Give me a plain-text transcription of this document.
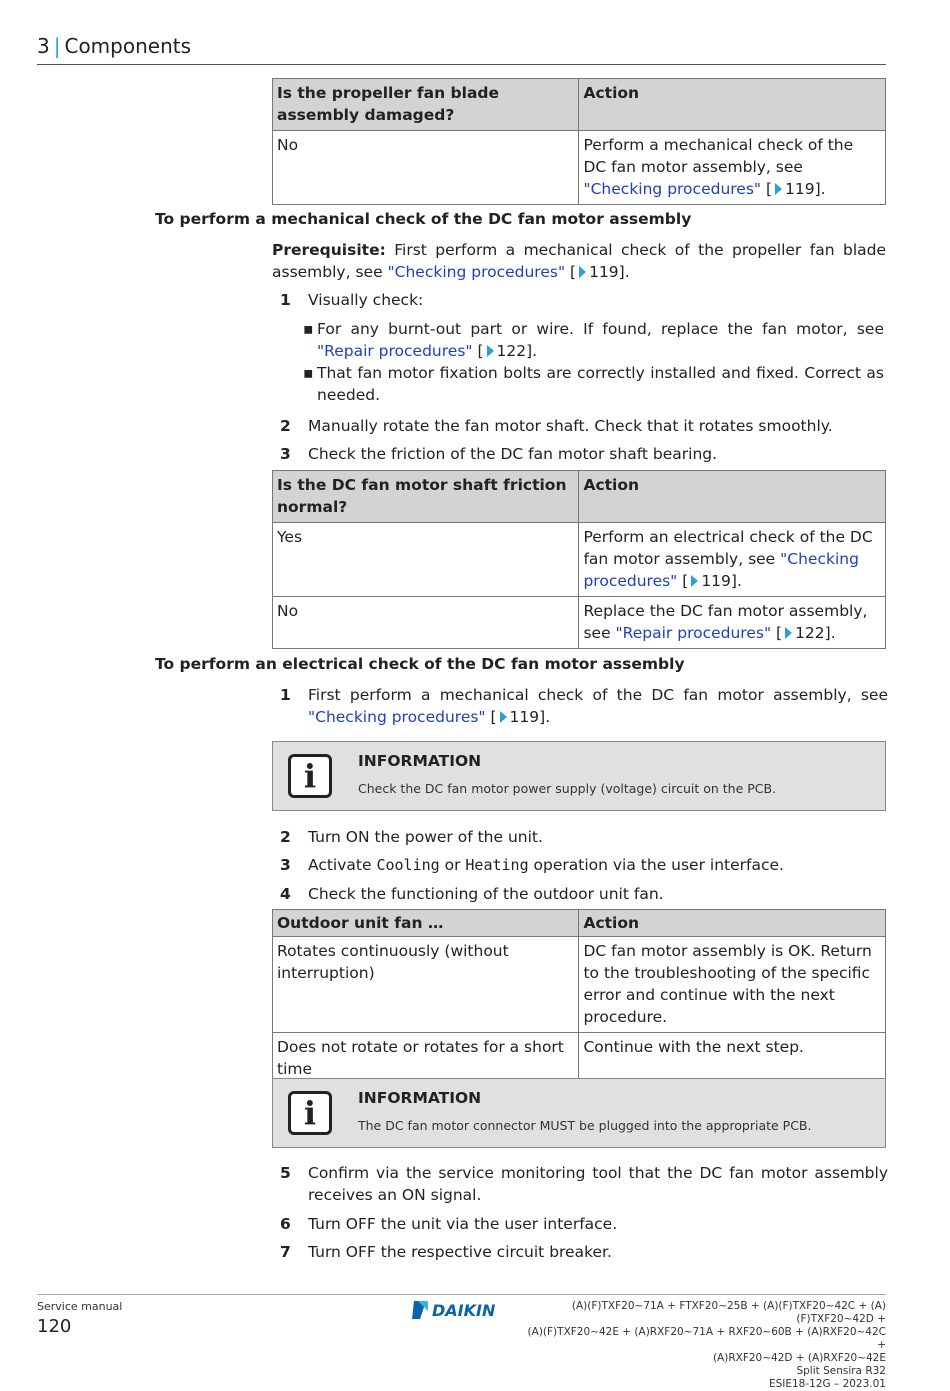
3 | Components
Is the propeller fan blade assembly damaged?	Action
No	Perform a mechanical check of the DC fan motor assembly, see "Checking procedures" [ 119].
To perform a mechanical check of the DC fan motor assembly
Prerequisite: First perform a mechanical check of the propeller fan blade assembly, see "Checking procedures" [ 119].
1	Visually check:
▪ For any burnt-out part or wire. If found, replace the fan motor, see "Repair procedures" [ 122].
▪ That fan motor fixation bolts are correctly installed and fixed. Correct as needed.
2	Manually rotate the fan motor shaft. Check that it rotates smoothly.
3	Check the friction of the DC fan motor shaft bearing.
Is the DC fan motor shaft friction normal?	Action
Yes	Perform an electrical check of the DC fan motor assembly, see "Checking procedures" [ 119].
No	Replace the DC fan motor assembly, see "Repair procedures" [ 122].
To perform an electrical check of the DC fan motor assembly
1	First perform a mechanical check of the DC fan motor assembly, see "Checking procedures" [ 119].
i	INFORMATION
Check the DC fan motor power supply (voltage) circuit on the PCB.
2	Turn ON the power of the unit.
3	Activate Cooling or Heating operation via the user interface.
4	Check the functioning of the outdoor unit fan.
Outdoor unit fan …	Action
Rotates continuously (without interruption)	DC fan motor assembly is OK. Return to the troubleshooting of the specific error and continue with the next procedure.
Does not rotate or rotates for a short time	Continue with the next step.
i	INFORMATION
The DC fan motor connector MUST be plugged into the appropriate PCB.
5	Confirm via the service monitoring tool that the DC fan motor assembly receives an ON signal.
6	Turn OFF the unit via the user interface.
7	Turn OFF the respective circuit breaker.
Service manual
120
DAIKIN	(A)(F)TXF20~71A + FTXF20~25B + (A)(F)TXF20~42C + (A)(F)TXF20~42D +
(A)(F)TXF20~42E + (A)RXF20~71A + RXF20~60B + (A)RXF20~42C +
(A)RXF20~42D + (A)RXF20~42E
Split Sensira R32
ESIE18-12G – 2023.01
